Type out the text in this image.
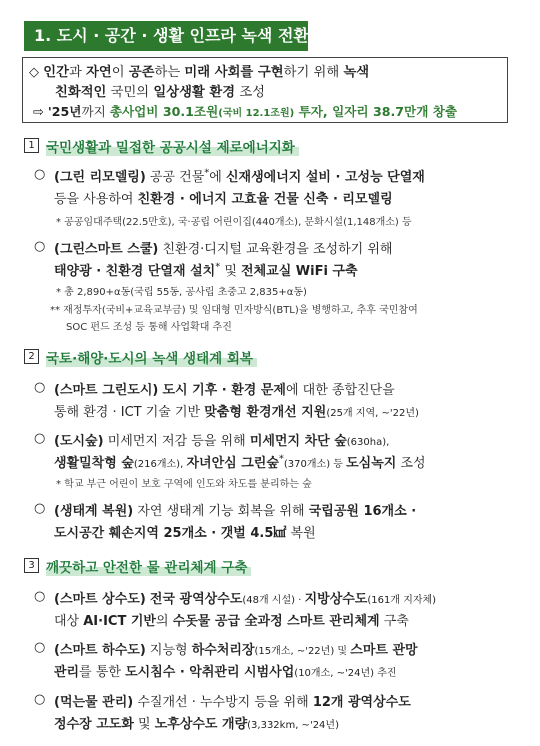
1. 도시 · 공간 · 생활 인프라 녹색 전환
◇ 인간과 자연이 공존하는 미래 사회를 구현하기 위해 녹색
친화적인 국민의 일상생활 환경 조성
⇨ '25년까지 총사업비 30.1조원(국비 12.1조원) 투자, 일자리 38.7만개 창출
1 국민생활과 밀접한 공공시설 제로에너지화
○ (그린 리모델링) 공공 건물*에 신재생에너지 설비 · 고성능 단열재
등을 사용하여 친환경 · 에너지 고효율 건물 신축 · 리모델링
* 공공임대주택(22.5만호), 국·공립 어린이집(440개소), 문화시설(1,148개소) 등
○ (그린스마트 스쿨) 친환경·디지털 교육환경을 조성하기 위해
태양광 · 친환경 단열재 설치* 및 전체교실 WiFi 구축
* 총 2,890+α동(국립 55동, 공사립 초중고 2,835+α동)
** 재정투자(국비+교육교부금) 및 임대형 민자방식(BTL)을 병행하고, 추후 국민참여
SOC 펀드 조성 등 통해 사업확대 추진
2 국토·해양·도시의 녹색 생태계 회복
○ (스마트 그린도시) 도시 기후 · 환경 문제에 대한 종합진단을
통해 환경 · ICT 기술 기반 맞춤형 환경개선 지원(25개 지역, ~'22년)
○ (도시숲) 미세먼지 저감 등을 위해 미세먼지 차단 숲(630ha),
생활밀착형 숲(216개소), 자녀안심 그린숲*(370개소) 등 도심녹지 조성
* 학교 부근 어린이 보호 구역에 인도와 차도를 분리하는 숲
○ (생태계 복원) 자연 생태계 기능 회복을 위해 국립공원 16개소 ·
도시공간 훼손지역 25개소 · 갯벌 4.5㎢ 복원
3 깨끗하고 안전한 물 관리체계 구축
○ (스마트 상수도) 전국 광역상수도(48개 시설) · 지방상수도(161개 지자체)
대상 AI·ICT 기반의 수돗물 공급 全과정 스마트 관리체계 구축
○ (스마트 하수도) 지능형 하수처리장(15개소, ~'22년) 및 스마트 관망
관리를 통한 도시침수 · 악취관리 시범사업(10개소, ~'24년) 추진
○ (먹는물 관리) 수질개선 · 누수방지 등을 위해 12개 광역상수도
정수장 고도화 및 노후상수도 개량(3,332km, ~'24년)
